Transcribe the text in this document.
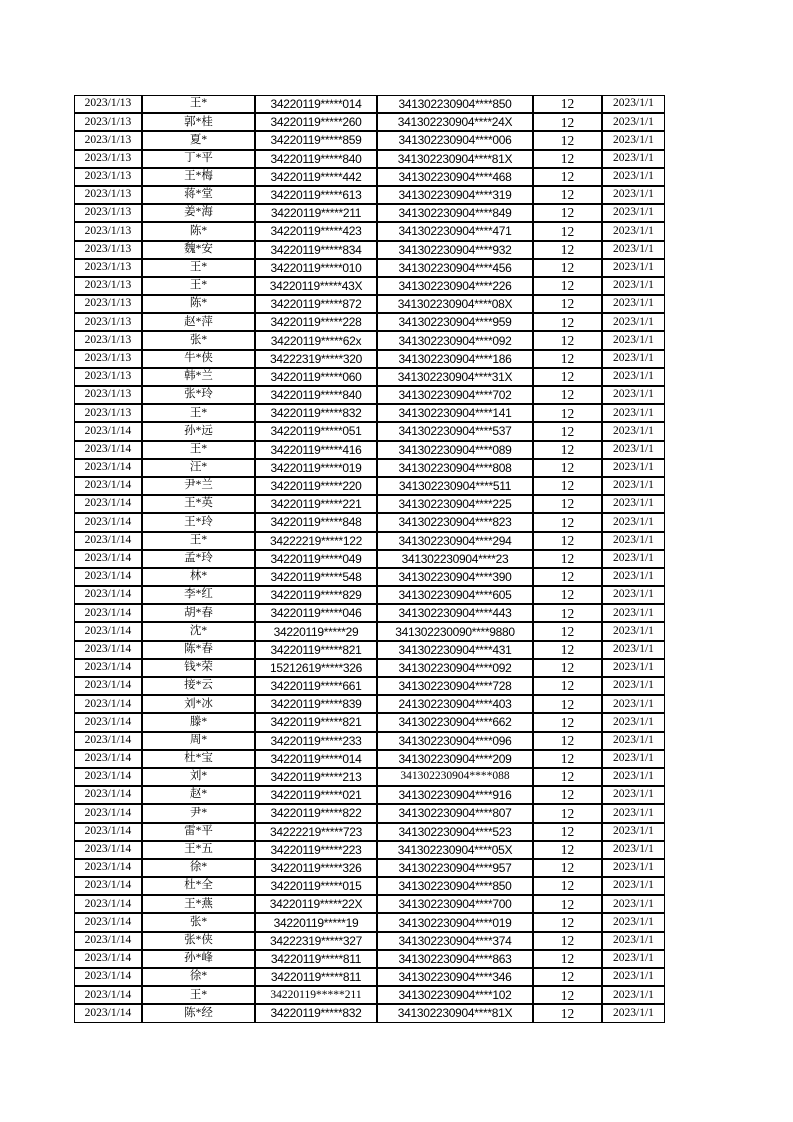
2023/1/13	王*	34220119*****014	341302230904****850	12	2023/1/1
2023/1/13	郭*桂	34220119*****260	341302230904****24X	12	2023/1/1
2023/1/13	夏*	34220119*****859	341302230904****006	12	2023/1/1
2023/1/13	丁*平	34220119*****840	341302230904****81X	12	2023/1/1
2023/1/13	王*梅	34220119*****442	341302230904****468	12	2023/1/1
2023/1/13	蒋*堂	34220119*****613	341302230904****319	12	2023/1/1
2023/1/13	姜*海	34220119*****211	341302230904****849	12	2023/1/1
2023/1/13	陈*	34220119*****423	341302230904****471	12	2023/1/1
2023/1/13	魏*安	34220119*****834	341302230904****932	12	2023/1/1
2023/1/13	王*	34220119*****010	341302230904****456	12	2023/1/1
2023/1/13	王*	34220119*****43X	341302230904****226	12	2023/1/1
2023/1/13	陈*	34220119*****872	341302230904****08X	12	2023/1/1
2023/1/13	赵*萍	34220119*****228	341302230904****959	12	2023/1/1
2023/1/13	张*	34220119*****62x	341302230904****092	12	2023/1/1
2023/1/13	牛*侠	34222319*****320	341302230904****186	12	2023/1/1
2023/1/13	韩*兰	34220119*****060	341302230904****31X	12	2023/1/1
2023/1/13	张*玲	34220119*****840	341302230904****702	12	2023/1/1
2023/1/13	王*	34220119*****832	341302230904****141	12	2023/1/1
2023/1/14	孙*远	34220119*****051	341302230904****537	12	2023/1/1
2023/1/14	王*	34220119*****416	341302230904****089	12	2023/1/1
2023/1/14	汪*	34220119*****019	341302230904****808	12	2023/1/1
2023/1/14	尹*兰	34220119*****220	341302230904****511	12	2023/1/1
2023/1/14	王*英	34220119*****221	341302230904****225	12	2023/1/1
2023/1/14	王*玲	34220119*****848	341302230904****823	12	2023/1/1
2023/1/14	王*	34222219*****122	341302230904****294	12	2023/1/1
2023/1/14	孟*玲	34220119*****049	341302230904****23	12	2023/1/1
2023/1/14	林*	34220119*****548	341302230904****390	12	2023/1/1
2023/1/14	李*红	34220119*****829	341302230904****605	12	2023/1/1
2023/1/14	胡*春	34220119*****046	341302230904****443	12	2023/1/1
2023/1/14	沈*	34220119*****29	341302230090****9880	12	2023/1/1
2023/1/14	陈*春	34220119*****821	341302230904****431	12	2023/1/1
2023/1/14	钱*荣	15212619*****326	341302230904****092	12	2023/1/1
2023/1/14	接*云	34220119*****661	341302230904****728	12	2023/1/1
2023/1/14	刘*冰	34220119*****839	241302230904****403	12	2023/1/1
2023/1/14	滕*	34220119*****821	341302230904****662	12	2023/1/1
2023/1/14	周*	34220119*****233	341302230904****096	12	2023/1/1
2023/1/14	杜*宝	34220119*****014	341302230904****209	12	2023/1/1
2023/1/14	刘*	34220119*****213	341302230904****088	12	2023/1/1
2023/1/14	赵*	34220119*****021	341302230904****916	12	2023/1/1
2023/1/14	尹*	34220119*****822	341302230904****807	12	2023/1/1
2023/1/14	雷*平	34222219*****723	341302230904****523	12	2023/1/1
2023/1/14	王*五	34220119*****223	341302230904****05X	12	2023/1/1
2023/1/14	徐*	34220119*****326	341302230904****957	12	2023/1/1
2023/1/14	杜*全	34220119*****015	341302230904****850	12	2023/1/1
2023/1/14	王*燕	34220119*****22X	341302230904****700	12	2023/1/1
2023/1/14	张*	34220119*****19	341302230904****019	12	2023/1/1
2023/1/14	张*侠	34222319*****327	341302230904****374	12	2023/1/1
2023/1/14	孙*峰	34220119*****811	341302230904****863	12	2023/1/1
2023/1/14	徐*	34220119*****811	341302230904****346	12	2023/1/1
2023/1/14	王*	34220119*****211	341302230904****102	12	2023/1/1
2023/1/14	陈*经	34220119*****832	341302230904****81X	12	2023/1/1
